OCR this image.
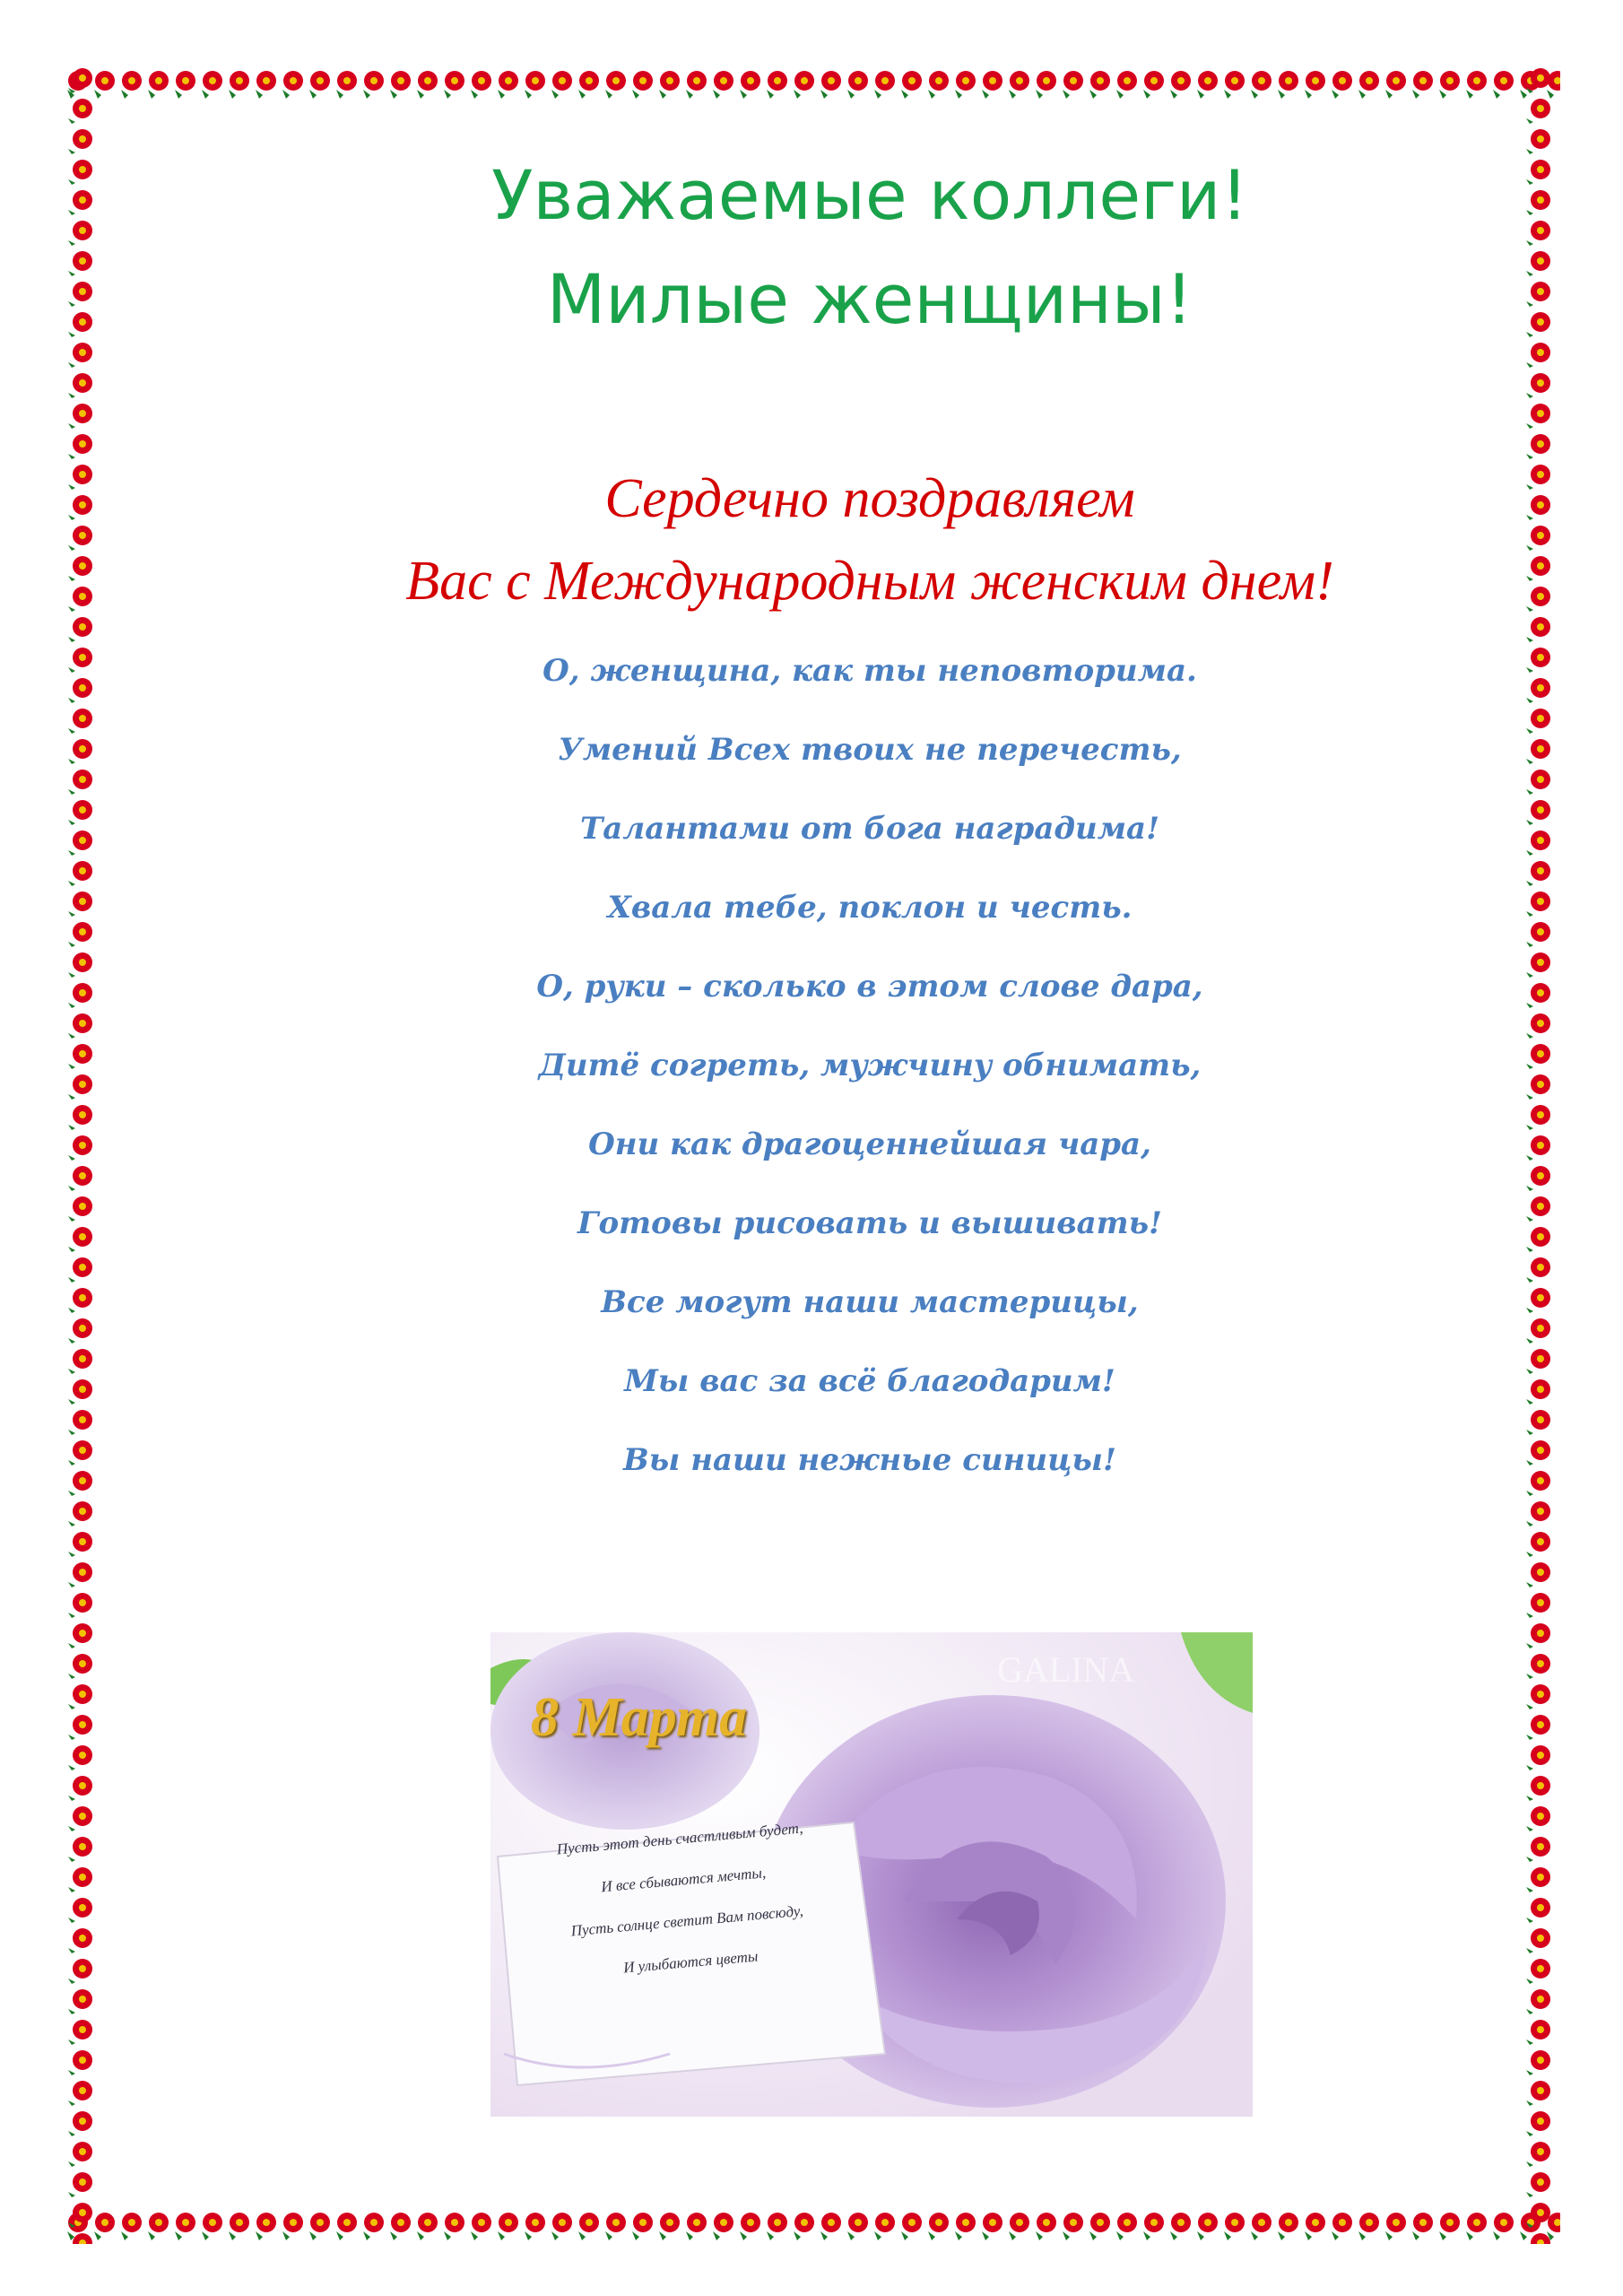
Уважаемые коллеги!
Милые женщины!
Сердечно поздравляем
Вас с Международным женским днем!
О, женщина, как ты неповторима.
Умений Всех твоих не перечесть,
Талантами от бога наградима!
Хвала тебе, поклон и честь.
О, руки – сколько в этом слове дара,
Дитё согреть, мужчину обнимать,
Они как драгоценнейшая чара,
Готовы рисовать и вышивать!
Все могут наши мастерицы,
Мы вас за всё благодарим!
Вы наши нежные синицы!
8 Марта
GALINA
Пусть этот день счастливым будет,
И все сбываются мечты,
Пусть солнце светит Вам повсюду,
И улыбаются цветы
